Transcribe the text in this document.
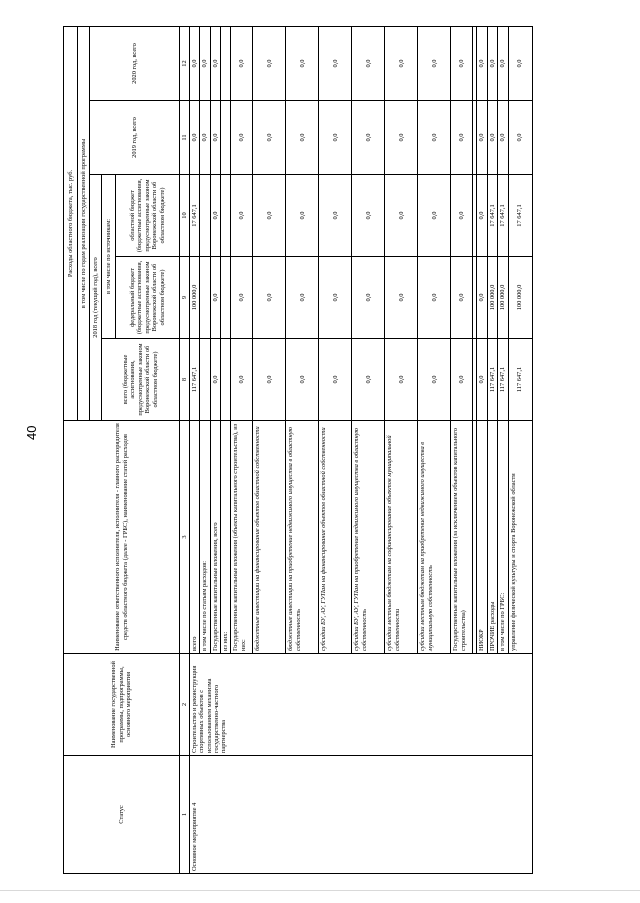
40
Статус	Наименование государственной программы, подпрограммы, основного мероприятия	Наименование ответственного исполнителя, исполнителя - главного распорядителя средств областного бюджета (далее - ГРБС), наименование статей расходов	Расходы областного бюджета, тыс. руб.				
			в том числе по годам реализации государственной программы				
			2018 год (текущий год), всего			2019 год, всего	2020 год, всего
			всего (бюджетные ассигнования, предусмотренные законом Воронежской области об областном бюджете)	в том числе по источникам:			
				федеральный бюджет (бюджетные ассигнования, предусмотренные законом Воронежской области об областном бюджете)	областной бюджет (бюджетные ассигнования, предусмотренные законом Воронежской области об областном бюджете)		
1	2	3	8	9	10	11	12
Основное мероприятие 4	Строительство и реконструкция спортивных объектов с использованием механизма государственно-частного партнерства	всего	117 647,1	100 000,0	17 647,1	0,0	0,0
		в том числе по статьям расходов:				0,0	0,0
		Государственные капитальные вложения, всего	0,0	0,0	0,0	0,0	0,0
		из них:					
		Государственные капитальные вложения (объекты капитального строительства), из них:	0,0	0,0	0,0	0,0	0,0
		бюджетные инвестиции на финансирование объектов областной собственности	0,0	0,0	0,0	0,0	0,0
		бюджетные инвестиции на приобретение недвижимого имущества в областную собственность	0,0	0,0	0,0	0,0	0,0
		субсидии БУ, АУ, ГУПам на финансирование объектов областной собственности	0,0	0,0	0,0	0,0	0,0
		субсидии БУ, АУ, ГУПам на приобретение недвижимого имущества в областную собственность	0,0	0,0	0,0	0,0	0,0
		субсидии местным бюджетам на софинансирование объектов муниципальной собственности	0,0	0,0	0,0	0,0	0,0
		субсидии местным бюджетам на приобретение недвижимого имущества в муниципальную собственность	0,0	0,0	0,0	0,0	0,0
		Государственные капитальные вложения (за исключением объектов капитального строительства)	0,0	0,0	0,0	0,0	0,0

		НИОКР	0,0	0,0	0,0	0,0	0,0
		ПРОЧИЕ расходы	117 647,1	100 000,0	17 647,1	0,0	0,0
		в том числе по ГРБС:	117 647,1	100 000,0	17 647,1	0,0	0,0
		управление физической культуры и спорта Воронежской области	117 647,1	100 000,0	17 647,1	0,0	0,0
